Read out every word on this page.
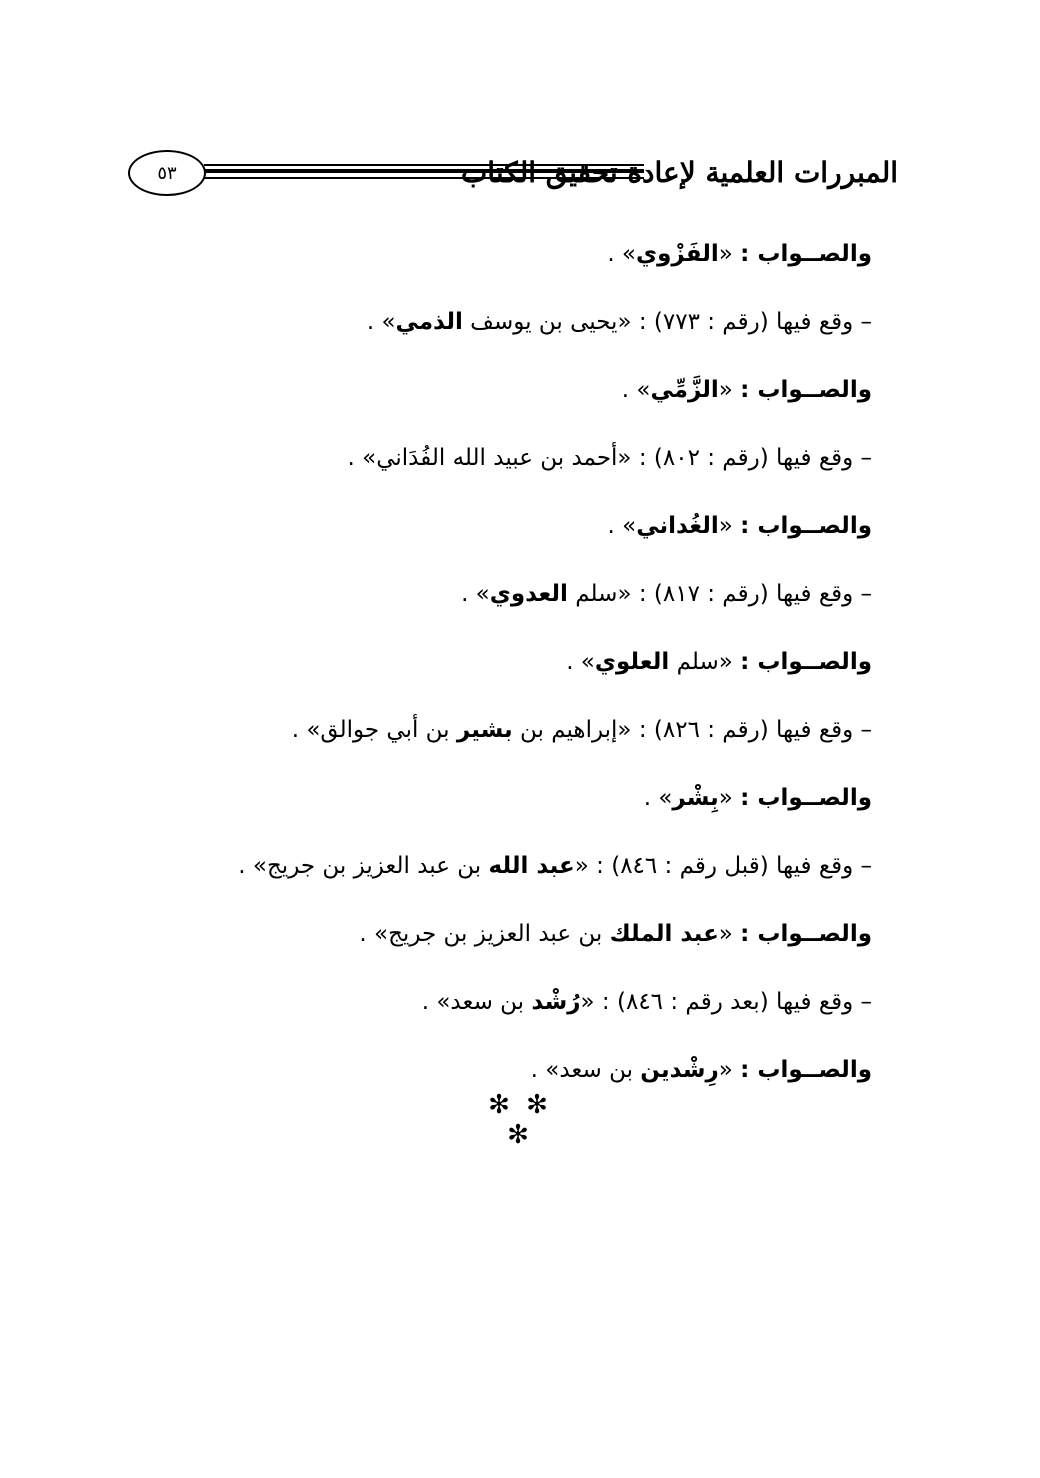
٥٣	المبررات العلمية لإعادة تحقيق الكتاب
والصــواب : «الفَزْوي» .
– وقع فيها (رقم : ٧٧٣) : «يحيى بن يوسف الذمي» .
والصــواب : «الزَّمِّي» .
– وقع فيها (رقم : ٨٠٢) : «أحمد بن عبيد الله الفُدَاني» .
والصــواب : «الغُداني» .
– وقع فيها (رقم : ٨١٧) : «سلم العدوي» .
والصــواب : «سلم العلوي» .
– وقع فيها (رقم : ٨٢٦) : «إبراهيم بن بشير بن أبي جوالق» .
والصــواب : «بِشْر» .
– وقع فيها (قبل رقم : ٨٤٦) : «عبد الله بن عبد العزيز بن جريج» .
والصــواب : «عبد الملك بن عبد العزيز بن جريج» .
– وقع فيها (بعد رقم : ٨٤٦) : «رُشْد بن سعد» .
والصــواب : «رِشْدين بن سعد» .
✻ ✻ ✻
